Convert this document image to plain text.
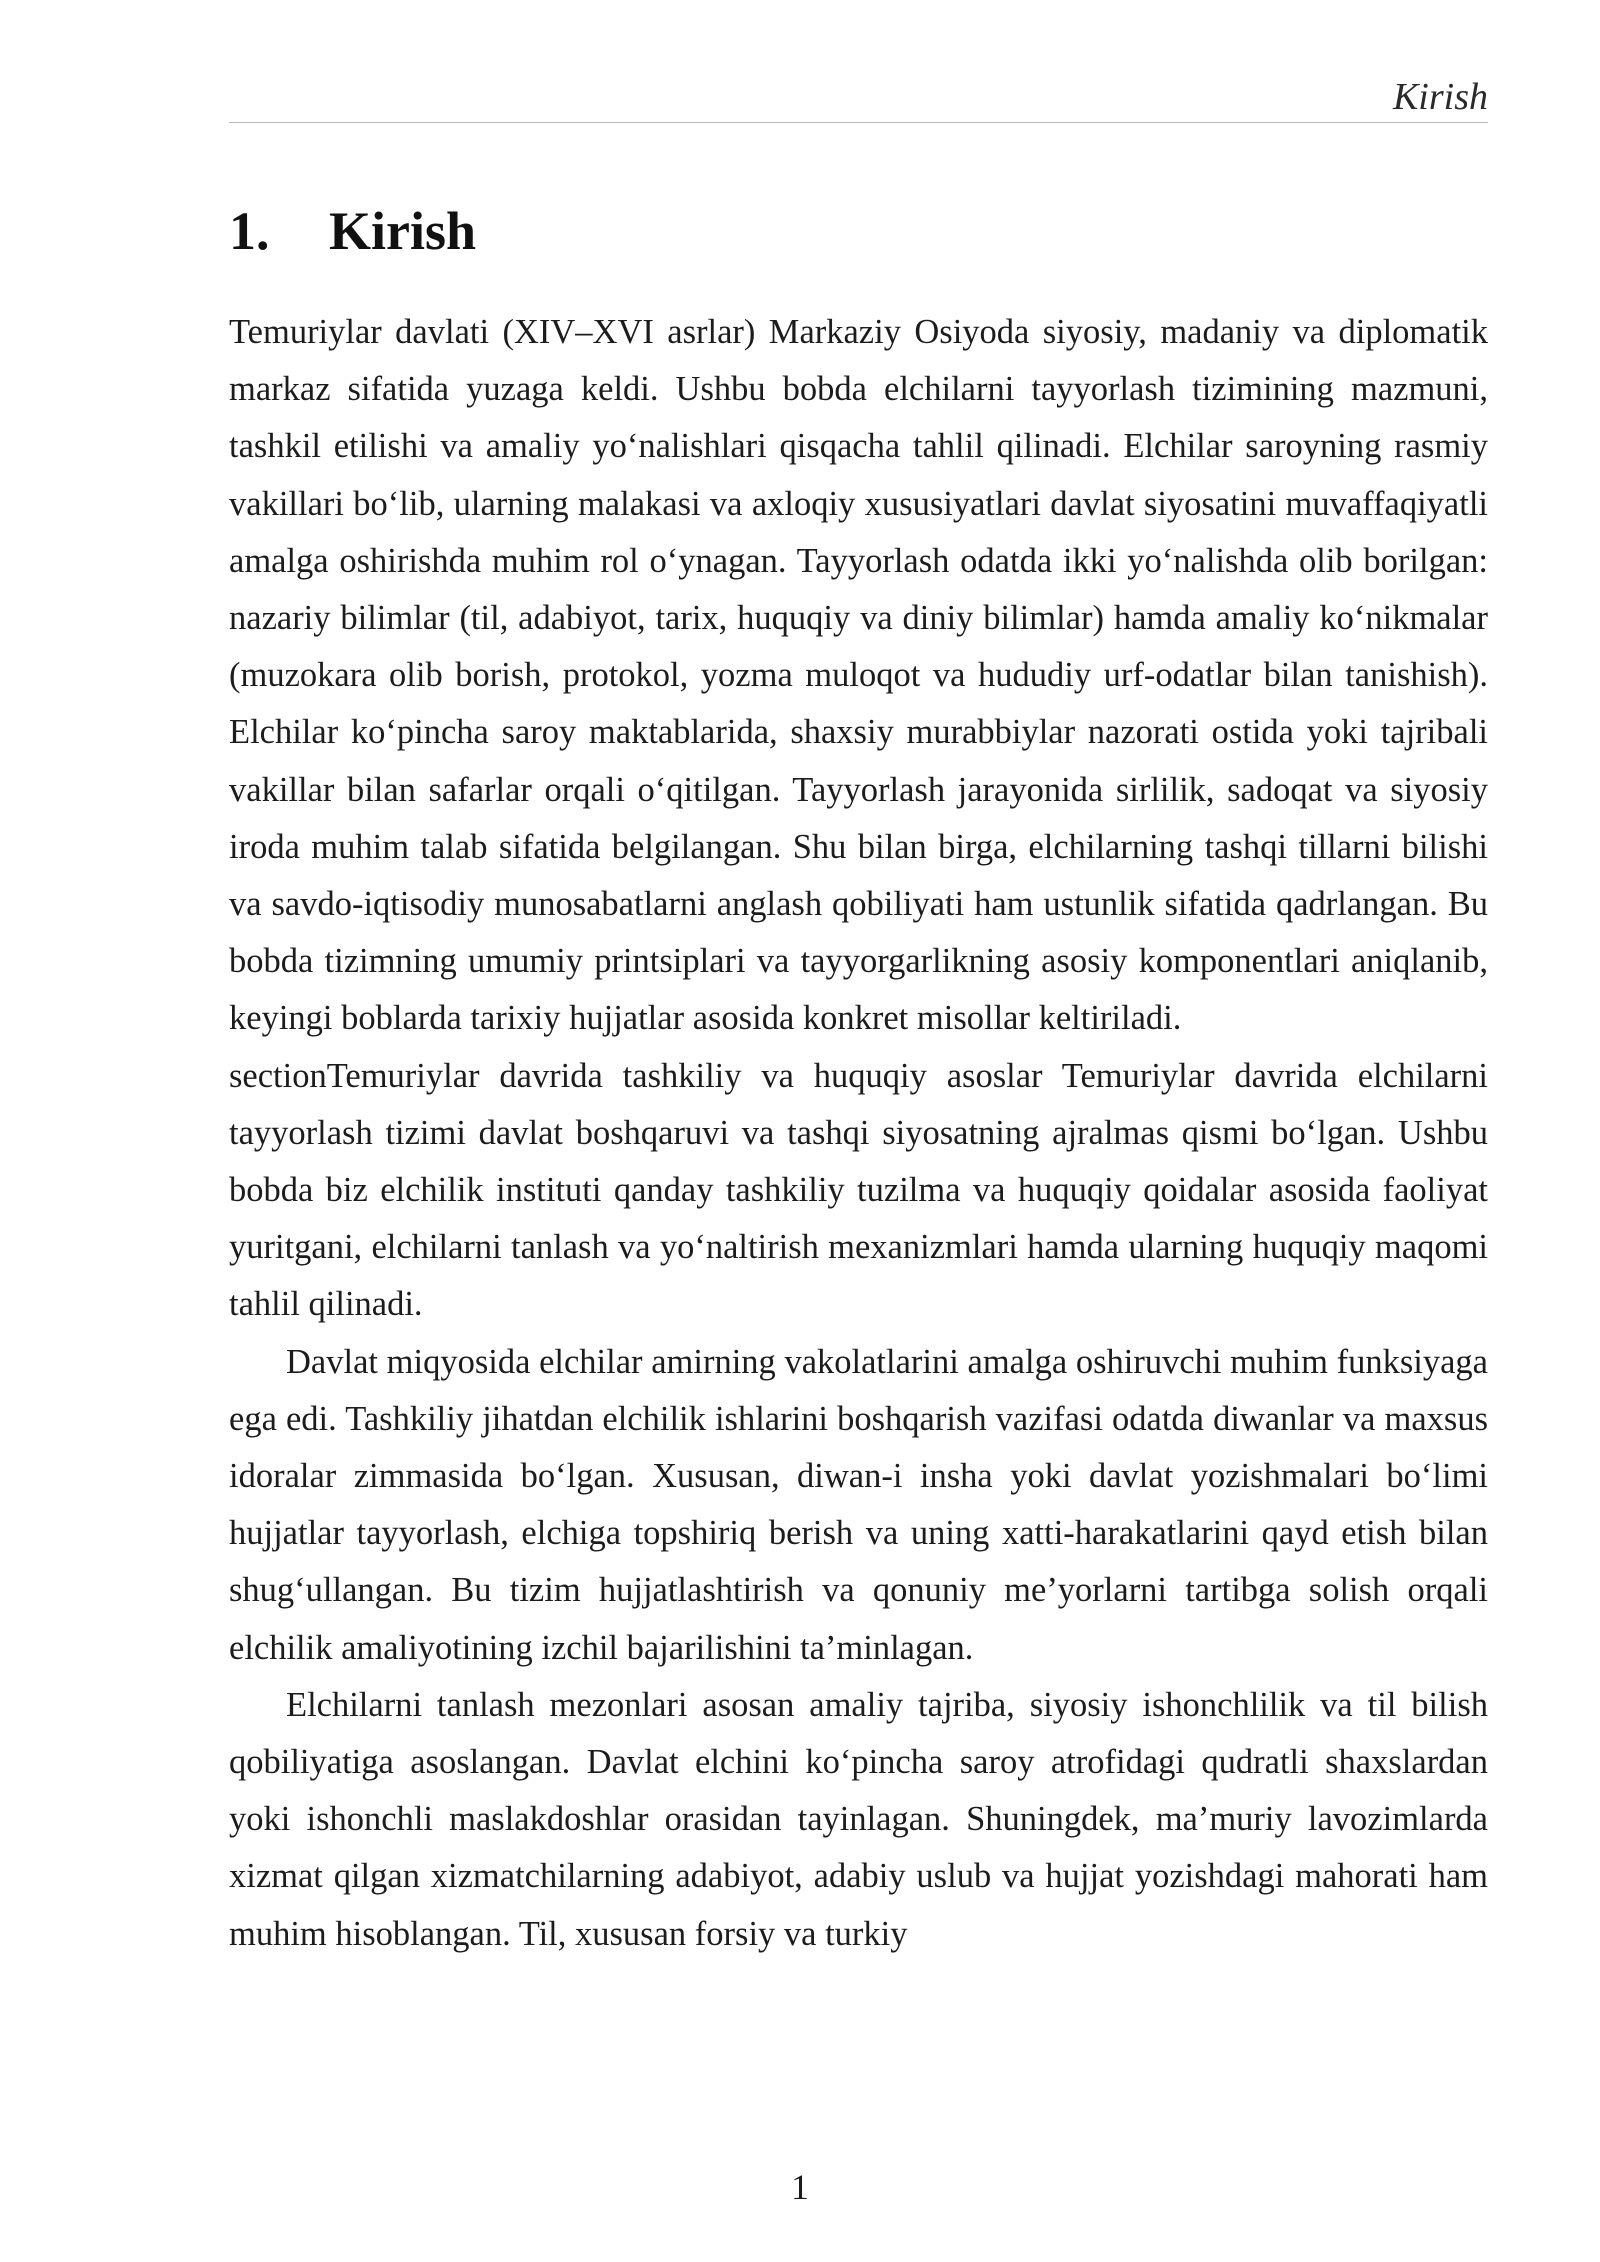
Kirish
1. Kirish

Temuriylar davlati (XIV–XVI asrlar) Markaziy Osiyoda siyosiy, madaniy va diplomatik markaz sifatida yuzaga keldi. Ushbu bobda elchilarni tayyorlash tizimining mazmuni, tashkil etilishi va amaliy yo‘nalishlari qisqacha tahlil qilinadi. Elchilar saroyning rasmiy vakillari bo‘lib, ularning malakasi va axloqiy xususiyatlari davlat siyosatini muvaffaqiyatli amalga oshirishda muhim rol o‘ynagan. Tayyorlash odatda ikki yo‘nalishda olib borilgan: nazariy bilimlar (til, adabiyot, tarix, huquqiy va diniy bilimlar) hamda amaliy ko‘nikmalar (muzokara olib borish, protokol, yozma muloqot va hududiy urf-odatlar bilan tanishish). Elchilar ko‘pincha saroy maktablarida, shaxsiy murabbiylar nazorati ostida yoki tajribali vakillar bilan safarlar orqali o‘qitilgan. Tayyorlash jarayonida sirlilik, sadoqat va siyosiy iroda muhim talab sifatida belgilangan. Shu bilan birga, elchilarning tashqi tillarni bilishi va savdo-iqtisodiy munosabatlarni anglash qobiliyati ham ustunlik sifatida qadrlangan. Bu bobda tizimning umumiy printsiplari va tayyorgarlikning asosiy komponentlari aniqlanib, keyingi boblarda tarixiy hujjatlar asosida konkret misollar keltiriladi.

sectionTemuriylar davrida tashkiliy va huquqiy asoslar Temuriylar davrida elchilarni tayyorlash tizimi davlat boshqaruvi va tashqi siyosatning ajralmas qismi bo‘lgan. Ushbu bobda biz elchilik instituti qanday tashkiliy tuzilma va huquqiy qoidalar asosida faoliyat yuritgani, elchilarni tanlash va yo‘naltirish mexanizmlari hamda ularning huquqiy maqomi tahlil qilinadi.

Davlat miqyosida elchilar amirning vakolatlarini amalga oshiruvchi muhim funksiyaga ega edi. Tashkiliy jihatdan elchilik ishlarini boshqarish vazifasi odatda diwanlar va maxsus idoralar zimmasida bo‘lgan. Xususan, diwan-i insha yoki davlat yozishmalari bo‘limi hujjatlar tayyorlash, elchiga topshiriq berish va uning xatti-harakatlarini qayd etish bilan shug‘ullangan. Bu tizim hujjatlashtirish va qonuniy me’yorlarni tartibga solish orqali elchilik amaliyotining izchil bajarilishini ta’minlagan.

Elchilarni tanlash mezonlari asosan amaliy tajriba, siyosiy ishonchlilik va til bilish qobiliyatiga asoslangan. Davlat elchini ko‘pincha saroy atrofidagi qudratli shaxslardan yoki ishonchli maslakdoshlar orasidan tayinlagan. Shuningdek, ma’muriy lavozimlarda xizmat qilgan xizmatchilarning adabiyot, adabiy uslub va hujjat yozishdagi mahorati ham muhim hisoblangan. Til, xususan forsiy va turkiy

1
